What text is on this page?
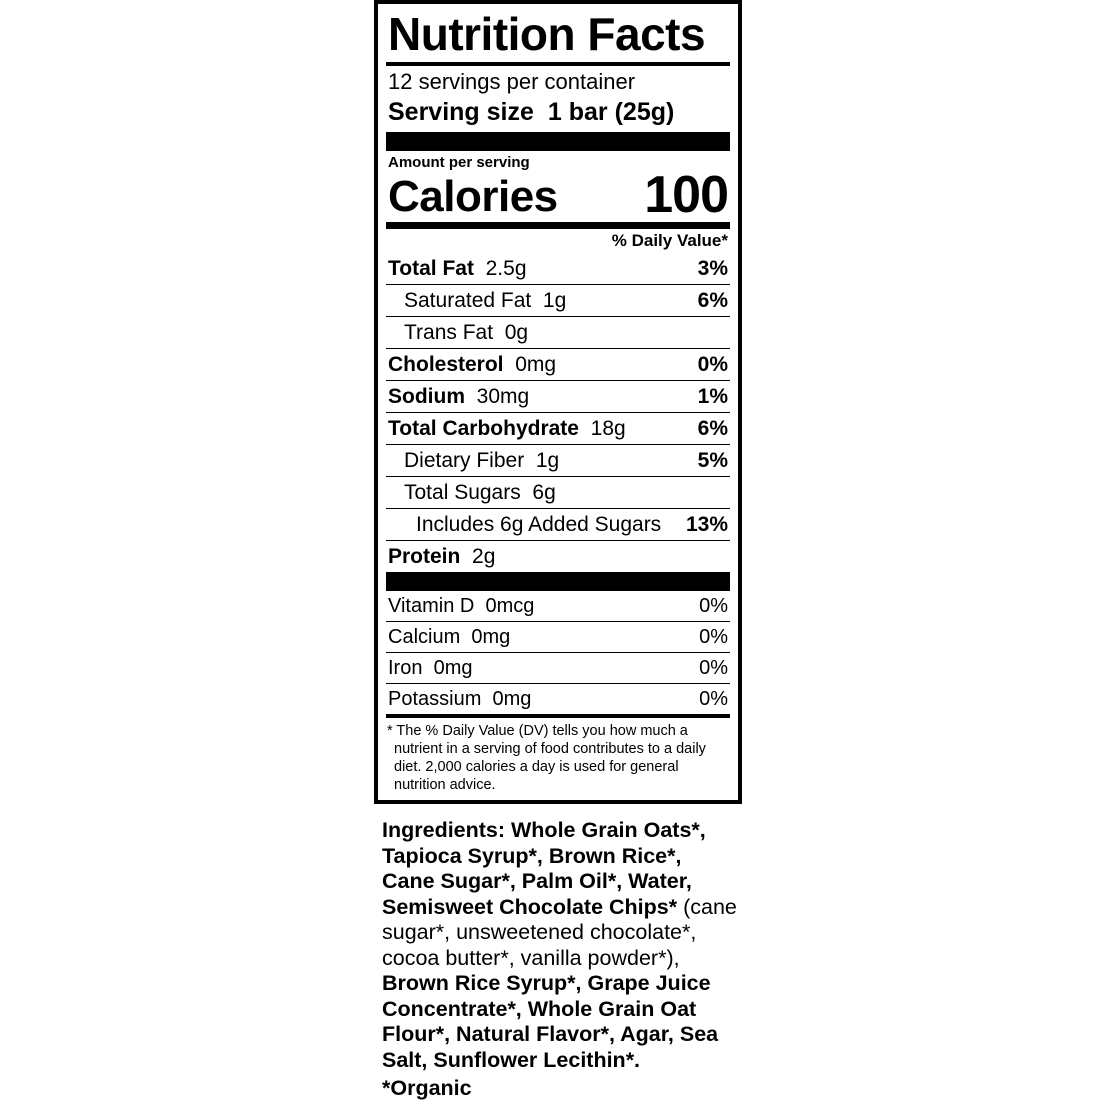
Nutrition Facts
12 servings per container
Serving size 1 bar (25g)
Amount per serving
Calories 100
% Daily Value*
Total Fat  2.5g	3%
Saturated Fat  1g	6%
Trans Fat  0g
Cholesterol  0mg	0%
Sodium  30mg	1%
Total Carbohydrate  18g	6%
Dietary Fiber  1g	5%
Total Sugars  6g
Includes 6g Added Sugars 13%
Protein  2g
Vitamin D  0mcg	0%
Calcium  0mg	0%
Iron  0mg	0%
Potassium  0mg	0%
* The % Daily Value (DV) tells you how much a nutrient in a serving of food contributes to a daily diet. 2,000 calories a day is used for general nutrition advice.
Ingredients: Whole Grain Oats*, Tapioca Syrup*, Brown Rice*, Cane Sugar*, Palm Oil*, Water, Semisweet Chocolate Chips* (cane sugar*, unsweetened chocolate*, cocoa butter*, vanilla powder*), Brown Rice Syrup*, Grape Juice Concentrate*, Whole Grain Oat Flour*, Natural Flavor*, Agar, Sea Salt, Sunflower Lecithin*.
*Organic
